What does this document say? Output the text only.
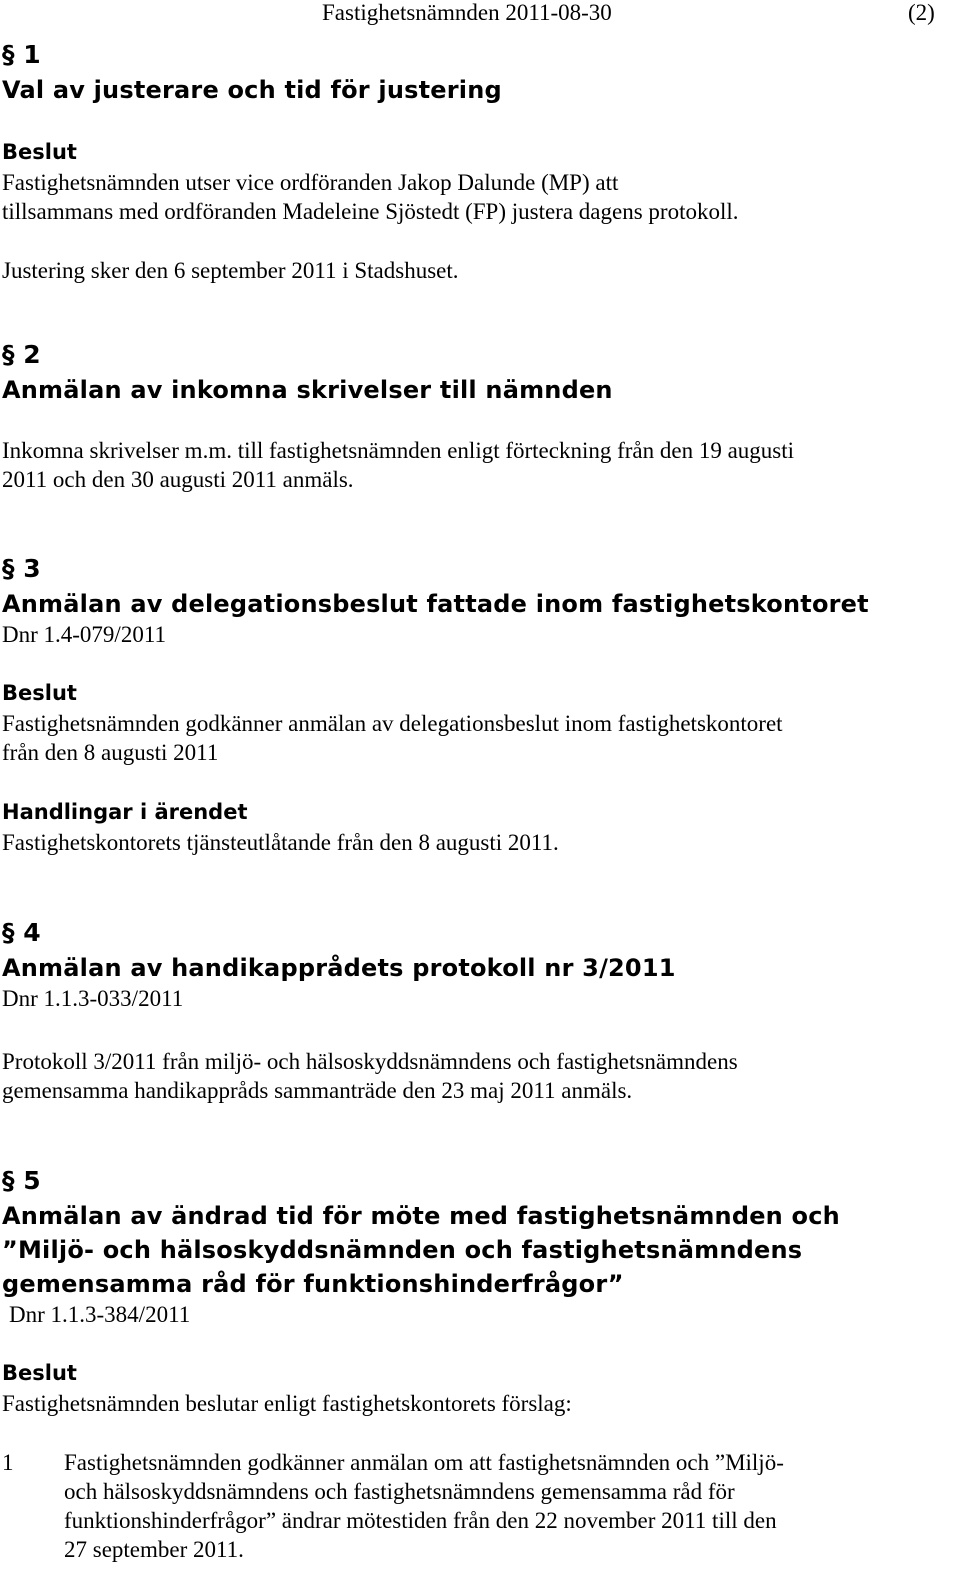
Fastighetsnämnden 2011-08-30	(2)
§ 1
Val av justerare och tid för justering
Beslut
Fastighetsnämnden utser vice ordföranden Jakop Dalunde (MP) att
tillsammans med ordföranden Madeleine Sjöstedt (FP) justera dagens protokoll.
Justering sker den 6 september 2011 i Stadshuset.
§ 2
Anmälan av inkomna skrivelser till nämnden
Inkomna skrivelser m.m. till fastighetsnämnden enligt förteckning från den 19 augusti
2011 och den 30 augusti 2011 anmäls.
§ 3
Anmälan av delegationsbeslut fattade inom fastighetskontoret
Dnr 1.4-079/2011
Beslut
Fastighetsnämnden godkänner anmälan av delegationsbeslut inom fastighetskontoret
från den 8 augusti 2011
Handlingar i ärendet
Fastighetskontorets tjänsteutlåtande från den 8 augusti 2011.
§ 4
Anmälan av handikapprådets protokoll nr 3/2011
Dnr 1.1.3-033/2011
Protokoll 3/2011 från miljö- och hälsoskyddsnämndens och fastighetsnämndens
gemensamma handikappråds sammanträde den 23 maj 2011 anmäls.
§ 5
Anmälan av ändrad tid för möte med fastighetsnämnden och
”Miljö- och hälsoskyddsnämnden och fastighetsnämndens
gemensamma råd för funktionshinderfrågor”
Dnr 1.1.3-384/2011
Beslut
Fastighetsnämnden beslutar enligt fastighetskontorets förslag:
1 Fastighetsnämnden godkänner anmälan om att fastighetsnämnden och ”Miljö-
och hälsoskyddsnämndens och fastighetsnämndens gemensamma råd för
funktionshinderfrågor” ändrar mötestiden från den 22 november 2011 till den
27 september 2011.
